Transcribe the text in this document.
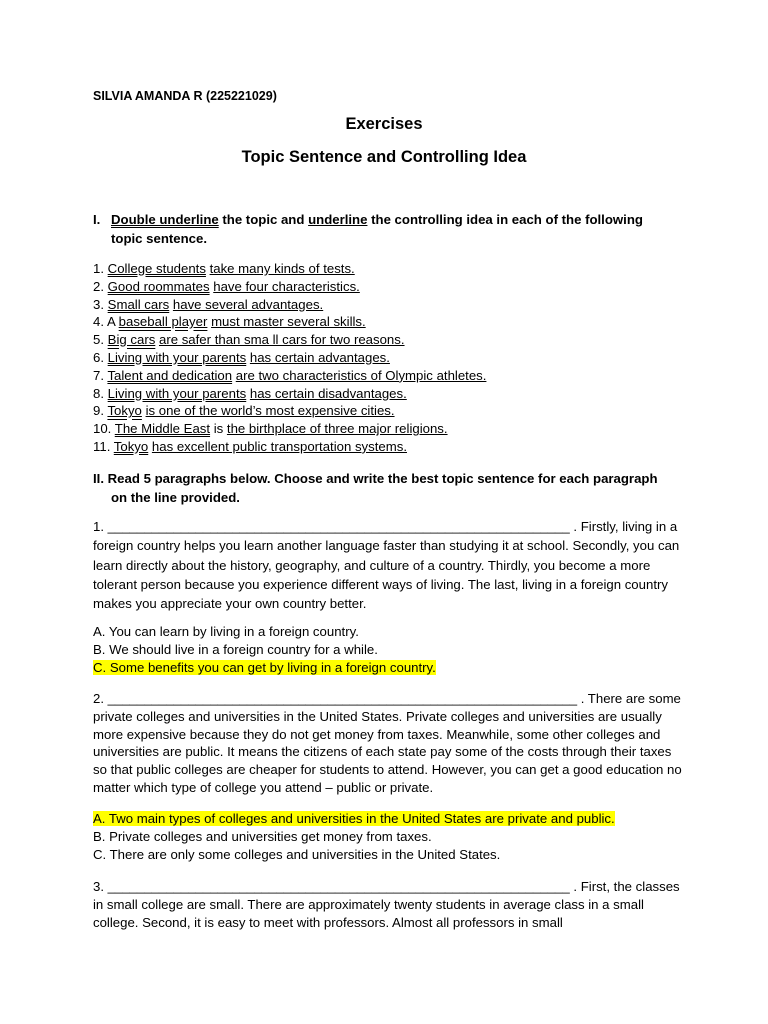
SILVIA AMANDA R (225221029)

Exercises

Topic Sentence and Controlling Idea

I. Double underline the topic and underline the controlling idea in each of the following
topic sentence.
1. College students take many kinds of tests.
2. Good roommates have four characteristics.
3. Small cars have several advantages.
4. A baseball player must master several skills.
5. Big cars are safer than sma ll cars for two reasons.
6. Living with your parents has certain advantages.
7. Talent and dedication are two characteristics of Olympic athletes.
8. Living with your parents has certain disadvantages.
9. Tokyo is one of the world’s most expensive cities.
10. The Middle East is the birthplace of three major religions.
11. Tokyo has excellent public transportation systems.
II. Read 5 paragraphs below. Choose and write the best topic sentence for each paragraph
on the line provided.

1. _______________________________________________________________ . Firstly, living in a foreign country helps you learn another language faster than studying it at school. Secondly, you can learn directly about the history, geography, and culture of a country. Thirdly, you become a more tolerant person because you experience different ways of living. The last, living in a foreign country makes you appreciate your own country better.

A. You can learn by living in a foreign country.
B. We should live in a foreign country for a while.
C. Some benefits you can get by living in a foreign country.

2. ________________________________________________________________ . There are some private colleges and universities in the United States. Private colleges and universities are usually more expensive because they do not get money from taxes. Meanwhile, some other colleges and universities are public. It means the citizens of each state pay some of the costs through their taxes so that public colleges are cheaper for students to attend. However, you can get a good education no matter which type of college you attend – public or private.

A. Two main types of colleges and universities in the United States are private and public.
B. Private colleges and universities get money from taxes.
C. There are only some colleges and universities in the United States.

3. _______________________________________________________________ . First, the classes in small college are small. There are approximately twenty students in average class in a small college. Second, it is easy to meet with professors. Almost all professors in small
